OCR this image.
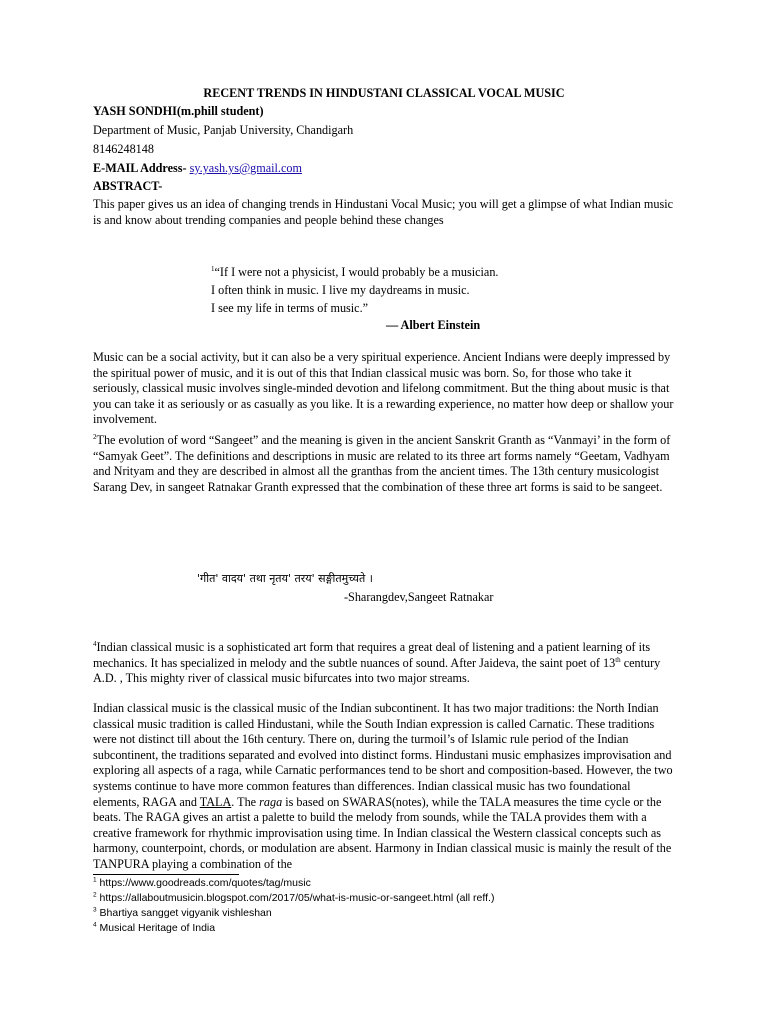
RECENT TRENDS IN HINDUSTANI CLASSICAL VOCAL MUSIC
YASH SONDHI(m.phill student)
Department of Music, Panjab University, Chandigarh
8146248148
E-MAIL Address- sy.yash.ys@gmail.com
ABSTRACT-
This paper gives us an idea of changing trends in Hindustani Vocal Music; you will get a glimpse of what Indian music is and know about trending companies and people behind these changes
$^1$“If I were not a physicist, I would probably be a musician.
I often think in music. I live my daydreams in music.
I see my life in terms of music.”
— Albert Einstein
Music can be a social activity, but it can also be a very spiritual experience. Ancient Indians were deeply impressed by the spiritual power of music, and it is out of this that Indian classical music was born. So, for those who take it seriously, classical music involves single-minded devotion and lifelong commitment. But the thing about music is that you can take it as seriously or as casually as you like. It is a rewarding experience, no matter how deep or shallow your involvement.
$^2$The evolution of word “Sangeet” and the meaning is given in the ancient Sanskrit Granth as “Vanmayi’ in the form of “Samyak Geet”. The definitions and descriptions in music are related to its three art forms namely “Geetam, Vadhyam and Nrityam and they are described in almost all the granthas from the ancient times. The 13th century musicologist Sarang Dev, in sangeet Ratnakar Granth expressed that the combination of these three art forms is said to be sangeet.
'गीत' वादय' तथा नृतय' तरय' सङ्गीतमुच्यते ।
-Sharangdev,Sangeet Ratnakar
$^4$Indian classical music is a sophisticated art form that requires a great deal of listening and a patient learning of its mechanics. It has specialized in melody and the subtle nuances of sound. After Jaideva, the saint poet of 13th century A.D. , This mighty river of classical music bifurcates into two major streams.
Indian classical music is the classical music of the Indian subcontinent. It has two major traditions: the North Indian classical music tradition is called Hindustani, while the South Indian expression is called Carnatic. These traditions were not distinct till about the 16th century. There on, during the turmoil’s of Islamic rule period of the Indian subcontinent, the traditions separated and evolved into distinct forms. Hindustani music emphasizes improvisation and exploring all aspects of a raga, while Carnatic performances tend to be short and composition-based. However, the two systems continue to have more common features than differences. Indian classical music has two foundational elements, RAGA and TALA. The raga is based on SWARAS(notes), while the TALA measures the time cycle or the beats. The RAGA gives an artist a palette to build the melody from sounds, while the TALA provides them with a creative framework for rhythmic improvisation using time. In Indian classical the Western classical concepts such as harmony, counterpoint, chords, or modulation are absent. Harmony in Indian classical music is mainly the result of the TANPURA playing a combination of the
$^1$ https://www.goodreads.com/quotes/tag/music
$^2$ https://allaboutmusicin.blogspot.com/2017/05/what-is-music-or-sangeet.html (all reff.)
$^3$ Bhartiya sangget vigyanik vishleshan
$^4$ Musical Heritage of India
